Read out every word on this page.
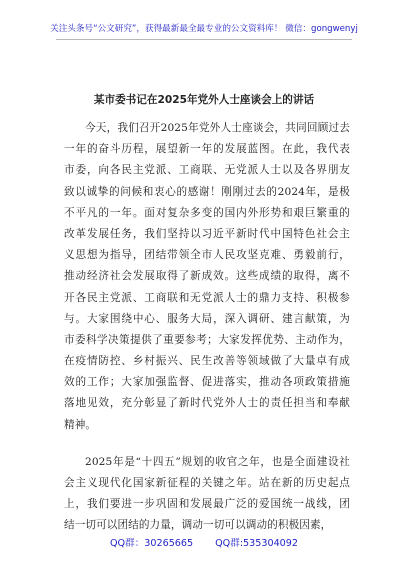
关注头条号“公文研究”，获得最新最全最专业的公文资料库！ 微信：gongwenyj
某市委书记在2025年党外人士座谈会上的讲话
今天，我们召开2025年党外人士座谈会，共同回顾过去
一年的奋斗历程，展望新一年的发展蓝图。在此，我代表
市委，向各民主党派、工商联、无党派人士以及各界朋友
致以诚挚的问候和衷心的感谢！刚刚过去的2024年，是极
不平凡的一年。面对复杂多变的国内外形势和艰巨繁重的
改革发展任务，我们坚持以习近平新时代中国特色社会主
义思想为指导，团结带领全市人民攻坚克难、勇毅前行，
推动经济社会发展取得了新成效。这些成绩的取得，离不
开各民主党派、工商联和无党派人士的鼎力支持、积极参
与。大家围绕中心、服务大局，深入调研、建言献策，为
市委科学决策提供了重要参考；大家发挥优势、主动作为，
在疫情防控、乡村振兴、民生改善等领域做了大量卓有成
效的工作；大家加强监督、促进落实，推动各项政策措施
落地见效，充分彰显了新时代党外人士的责任担当和奉献
精神。
2025年是“十四五”规划的收官之年，也是全面建设社
会主义现代化国家新征程的关键之年。站在新的历史起点
上，我们要进一步巩固和发展最广泛的爱国统一战线，团
结一切可以团结的力量，调动一切可以调动的积极因素，
QQ群：30265665 QQ群:535304092
